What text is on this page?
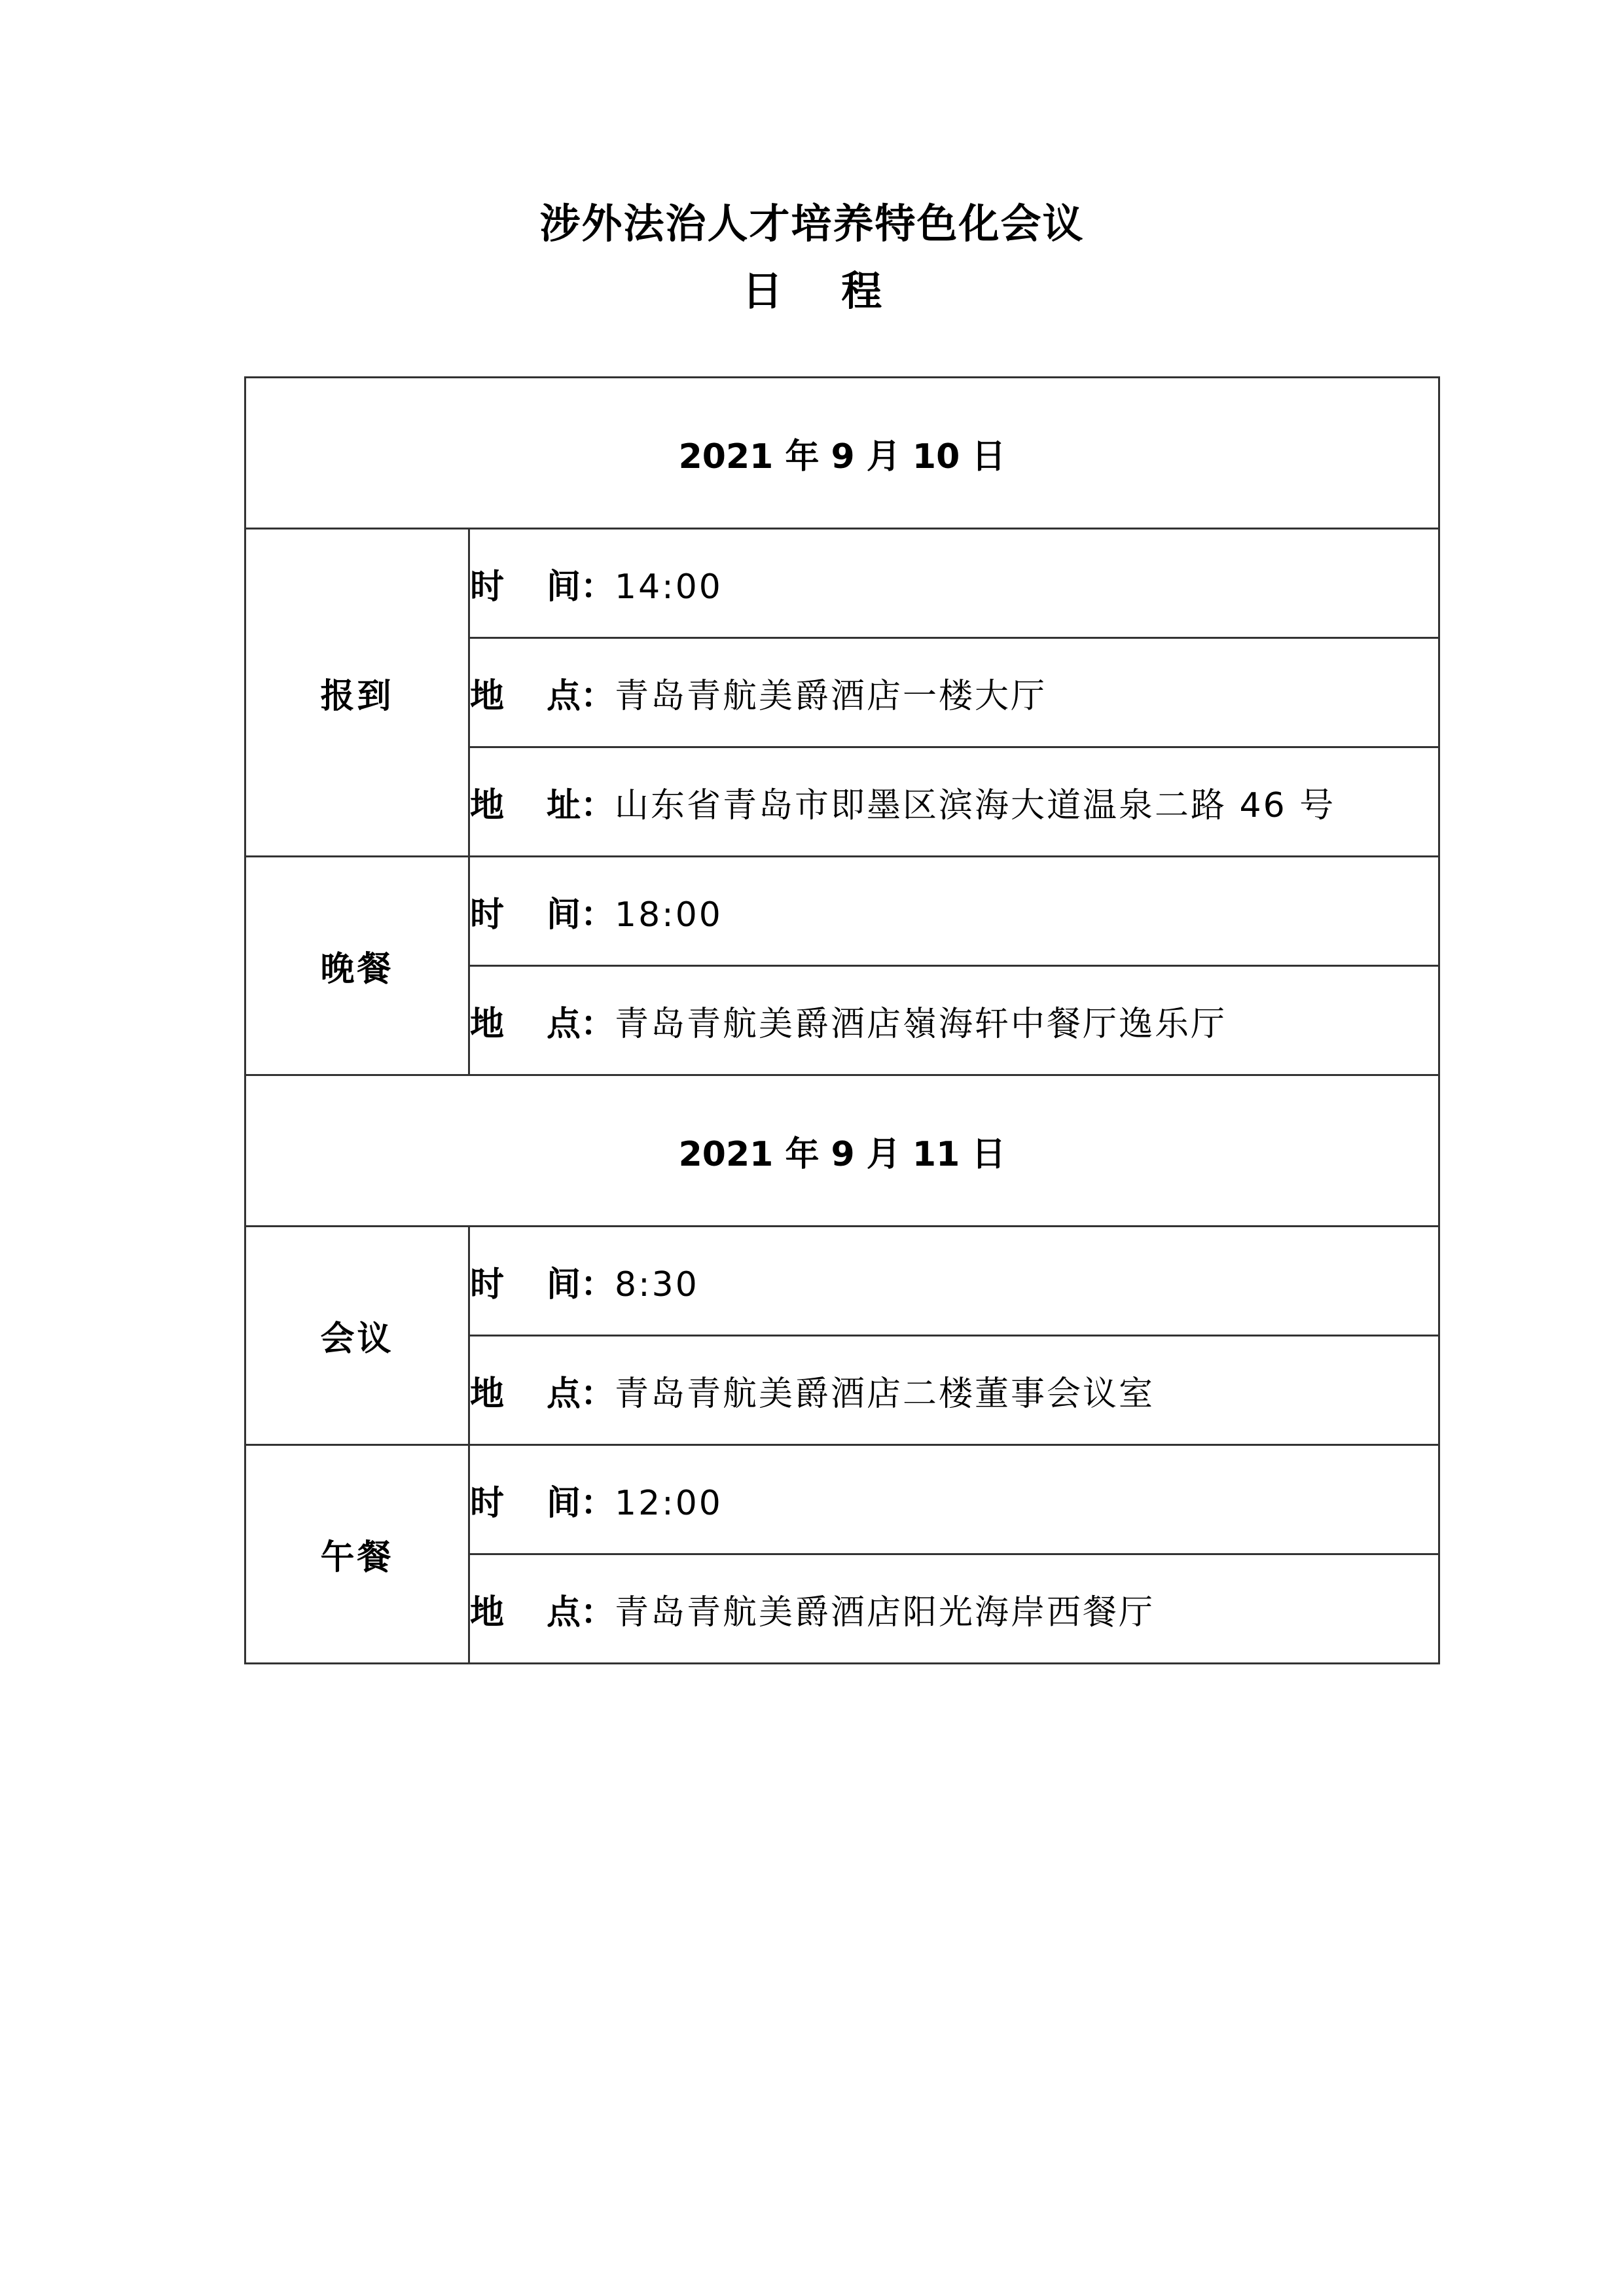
涉外法治人才培养特色化会议
日 程
2021 年 9 月 10 日	
报到	时 间：14:00
	地 点：青岛青航美爵酒店一楼大厅
	地 址：山东省青岛市即墨区滨海大道温泉二路 46 号
晚餐	时 间：18:00
	地 点：青岛青航美爵酒店嶺海轩中餐厅逸乐厅
2021 年 9 月 11 日	
会议	时 间：8:30
	地 点：青岛青航美爵酒店二楼董事会议室
午餐	时 间：12:00
	地 点：青岛青航美爵酒店阳光海岸西餐厅
